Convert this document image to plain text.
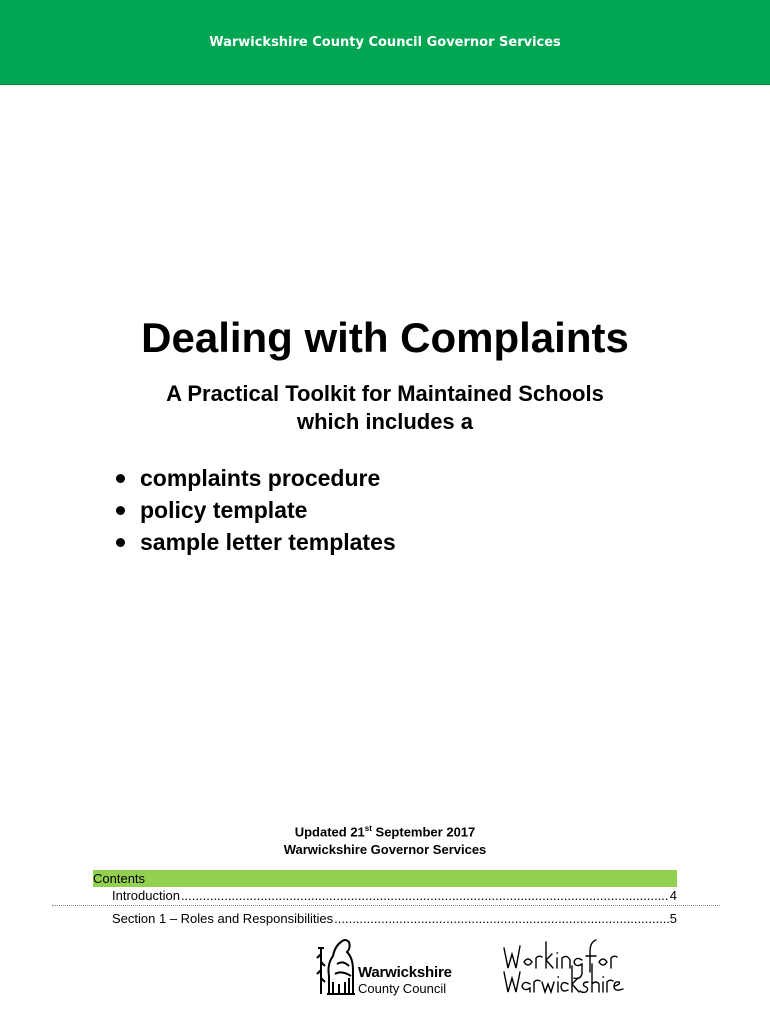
Warwickshire County Council Governor Services
Dealing with Complaints
A Practical Toolkit for Maintained Schools
which includes a
complaints procedure
policy template
sample letter templates
Updated 21st September 2017
Warwickshire Governor Services
Contents
Introduction .....	4
Section 1 – Roles and Responsibilities .....	5
Warwickshire
County Council
